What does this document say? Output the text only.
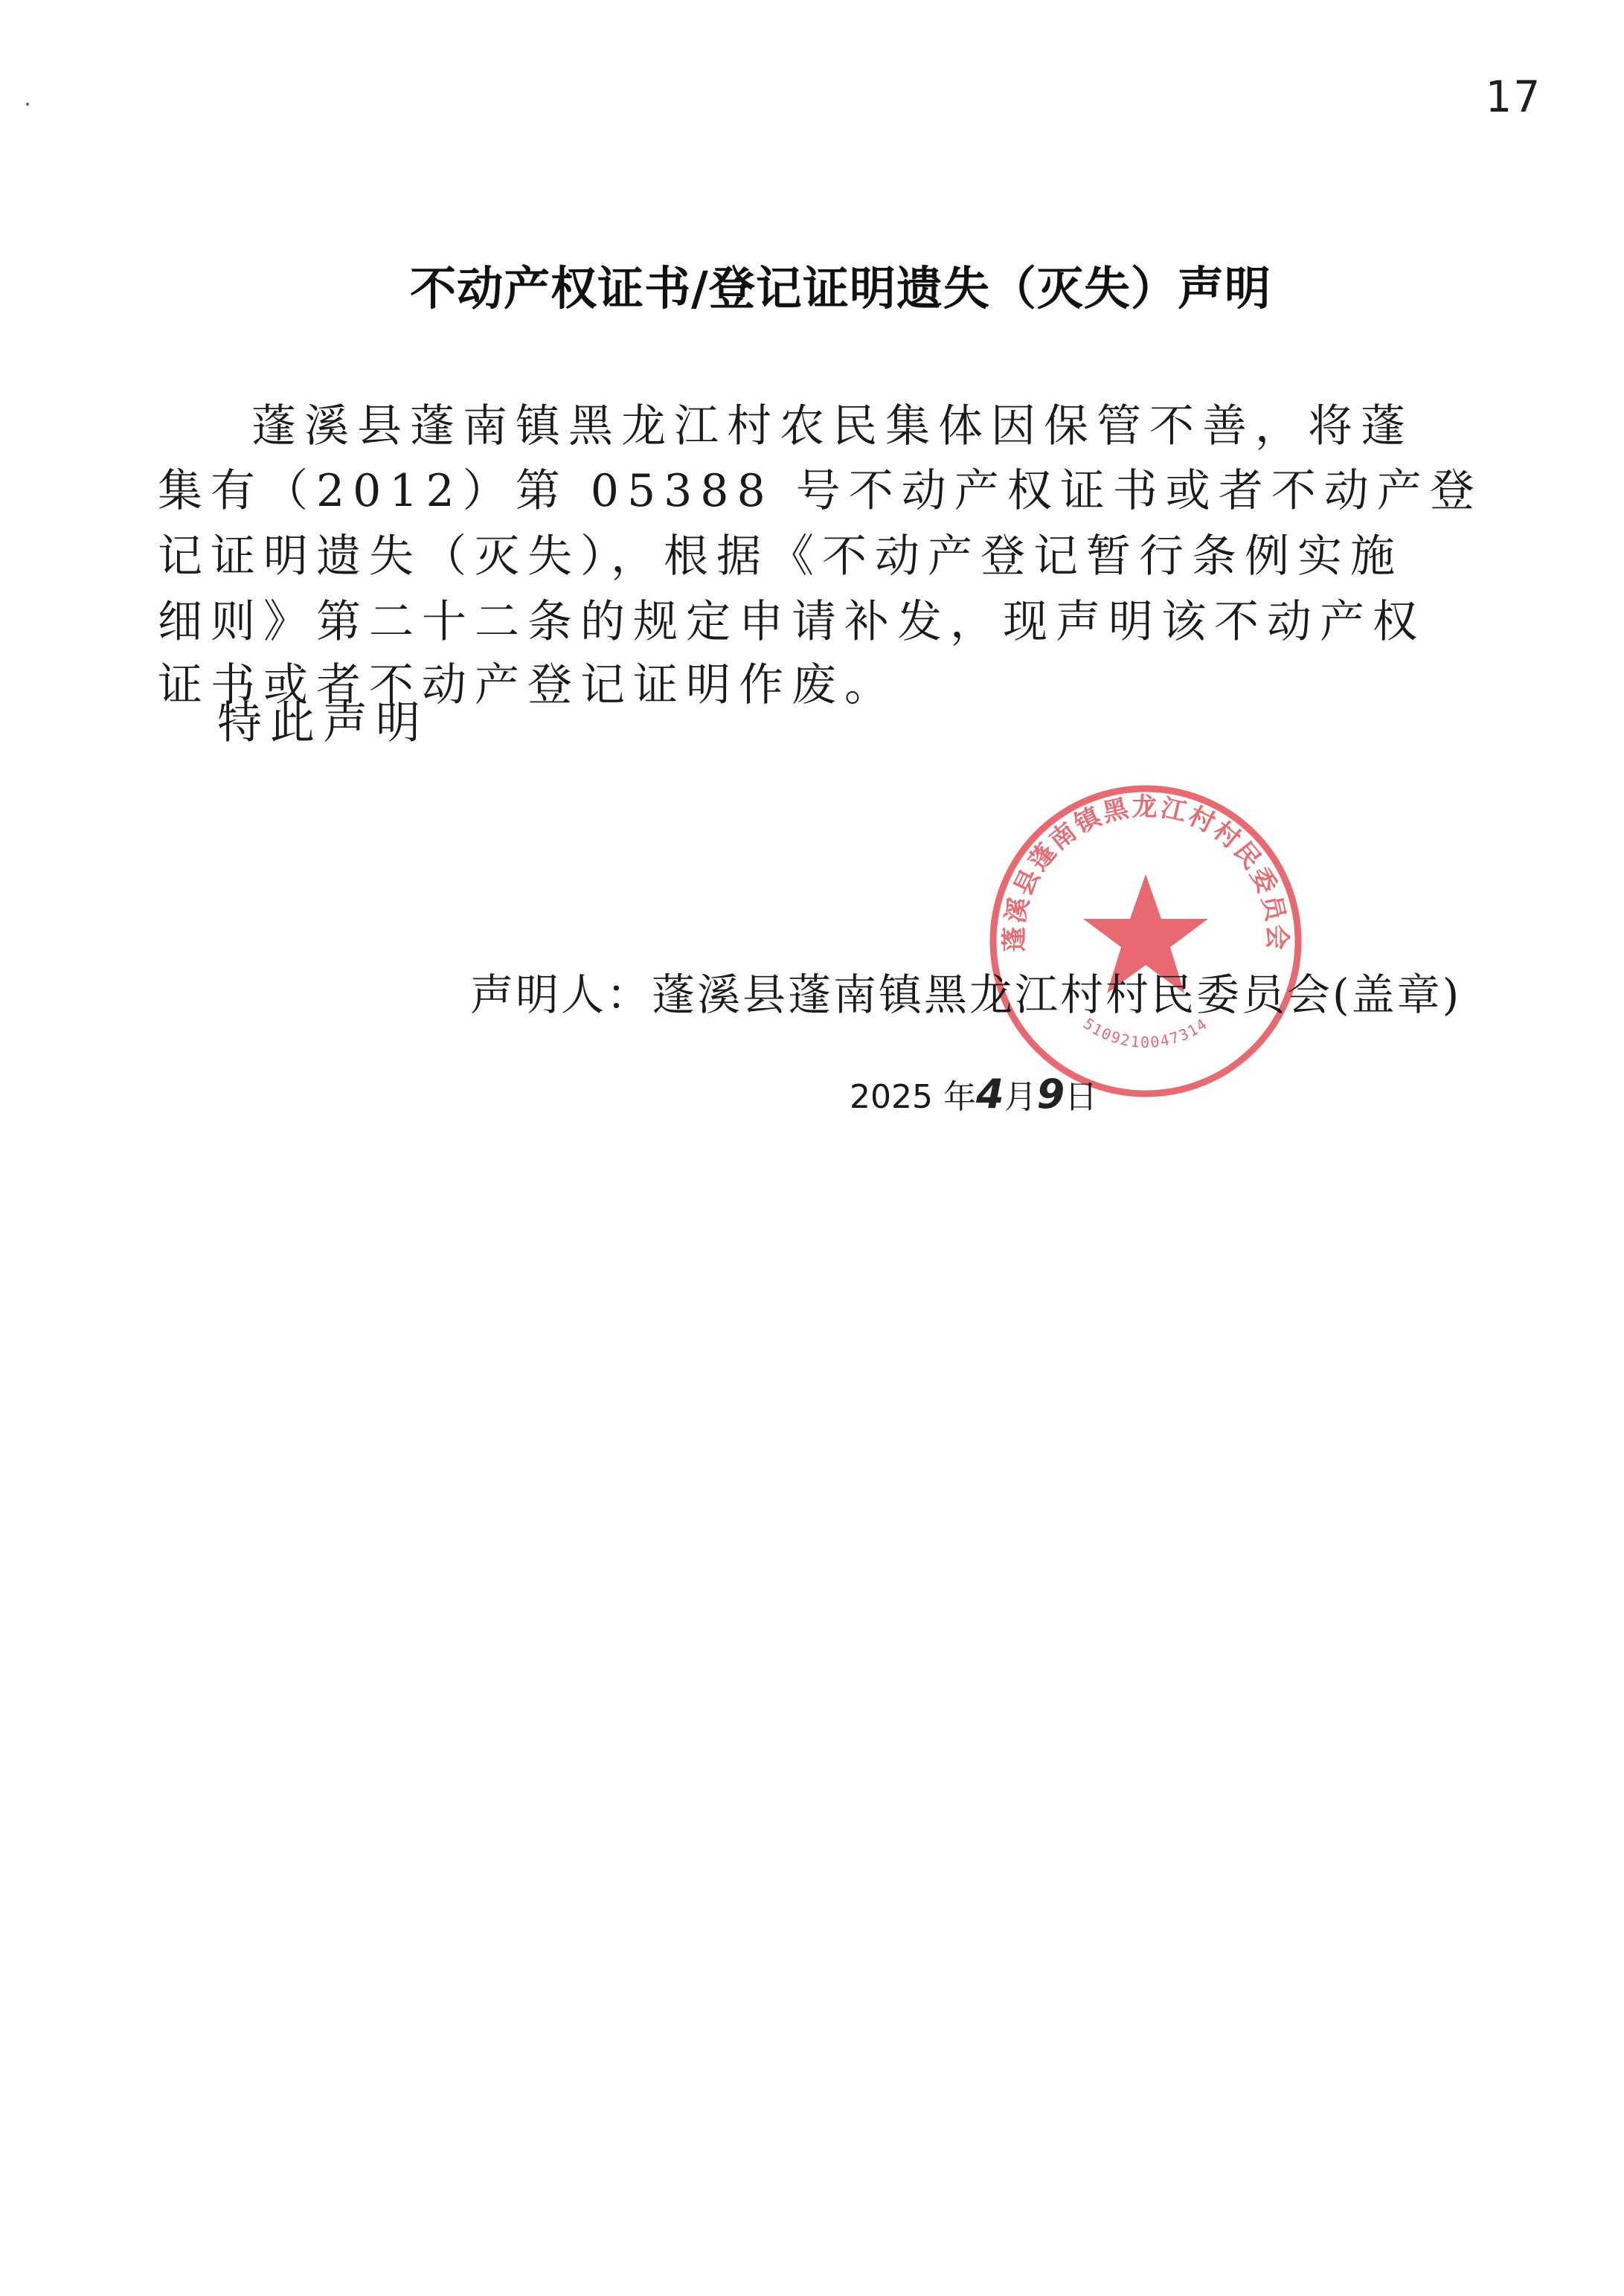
17
不动产权证书/登记证明遗失（灭失）声明
蓬溪县蓬南镇黑龙江村农民集体因保管不善，将蓬
集有（2012）第 05388 号不动产权证书或者不动产登
记证明遗失（灭失），根据《不动产登记暂行条例实施
细则》第二十二条的规定申请补发，现声明该不动产权
证书或者不动产登记证明作废。
特此声明
蓬溪县蓬南镇黑龙江村村民委员会
5109210047314
声明人：蓬溪县蓬南镇黑龙江村村民委员会(盖章)
2025 年4月9日
